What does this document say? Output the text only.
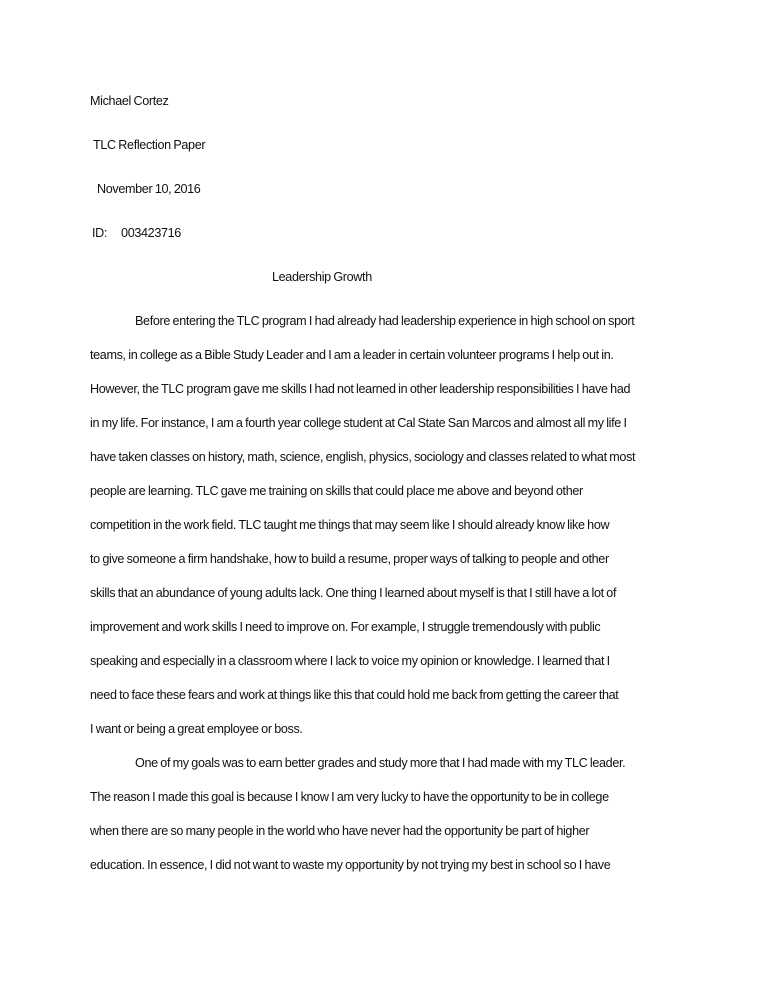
Michael Cortez
TLC Reflection Paper
November 10, 2016
ID: 003423716
Leadership Growth
Before entering the TLC program I had already had leadership experience in high school on sport
teams, in college as a Bible Study Leader and I am a leader in certain volunteer programs I help out in.
However, the TLC program gave me skills I had not learned in other leadership responsibilities I have had
in my life. For instance, I am a fourth year college student at Cal State San Marcos and almost all my life I
have taken classes on history, math, science, english, physics, sociology and classes related to what most
people are learning. TLC gave me training on skills that could place me above and beyond other
competition in the work field. TLC taught me things that may seem like I should already know like how
to give someone a firm handshake, how to build a resume, proper ways of talking to people and other
skills that an abundance of young adults lack. One thing I learned about myself is that I still have a lot of
improvement and work skills I need to improve on. For example, I struggle tremendously with public
speaking and especially in a classroom where I lack to voice my opinion or knowledge. I learned that I
need to face these fears and work at things like this that could hold me back from getting the career that
I want or being a great employee or boss.
One of my goals was to earn better grades and study more that I had made with my TLC leader.
The reason I made this goal is because I know I am very lucky to have the opportunity to be in college
when there are so many people in the world who have never had the opportunity be part of higher
education. In essence, I did not want to waste my opportunity by not trying my best in school so I have
